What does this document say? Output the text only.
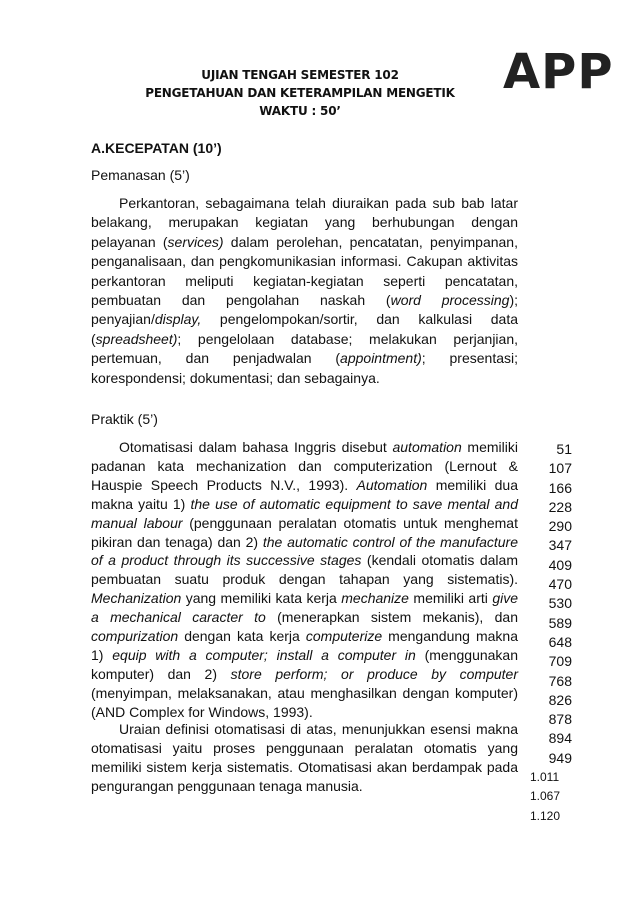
UJIAN TENGAH SEMESTER 102
PENGETAHUAN DAN KETERAMPILAN MENGETIK
WAKTU : 50’
APP
A.KECEPATAN (10’)
Pemanasan (5’)
Perkantoran, sebagaimana telah diuraikan pada sub bab latar belakang, merupakan kegiatan yang berhubungan dengan pelayanan (services) dalam perolehan, pencatatan, penyimpanan, penganalisaan, dan pengkomunikasian informasi. Cakupan aktivitas perkantoran meliputi kegiatan-kegiatan seperti pencatatan, pembuatan dan pengolahan naskah (word processing); penyajian/display, pengelompokan/sortir, dan kalkulasi data (spreadsheet); pengelolaan database; melakukan perjanjian, pertemuan, dan penjadwalan (appointment); presentasi; korespondensi; dokumentasi; dan sebagainya.
Praktik (5’)
Otomatisasi dalam bahasa Inggris disebut automation memiliki padanan kata mechanization dan computerization (Lernout & Hauspie Speech Products N.V., 1993). Automation memiliki dua makna yaitu 1) the use of automatic equipment to save mental and manual labour (penggunaan peralatan otomatis untuk menghemat pikiran dan tenaga) dan 2) the automatic control of the manufacture of a product through its successive stages (kendali otomatis dalam pembuatan suatu produk dengan tahapan yang sistematis). Mechanization yang memiliki kata kerja mechanize memiliki arti give a mechanical caracter to (menerapkan sistem mekanis), dan compurization dengan kata kerja computerize mengandung makna 1) equip with a computer; install a computer in (menggunakan komputer) dan 2) store perform; or produce by computer (menyimpan, melaksanakan, atau menghasilkan dengan komputer) (AND Complex for Windows, 1993).
Uraian definisi otomatisasi di atas, menunjukkan esensi makna otomatisasi yaitu proses penggunaan peralatan otomatis yang memiliki sistem kerja sistematis. Otomatisasi akan berdampak pada pengurangan penggunaan tenaga manusia.
51
107
166
228
290
347
409
470
530
589
648
709
768
826
878
894
949
1.011
1.067
1.120
